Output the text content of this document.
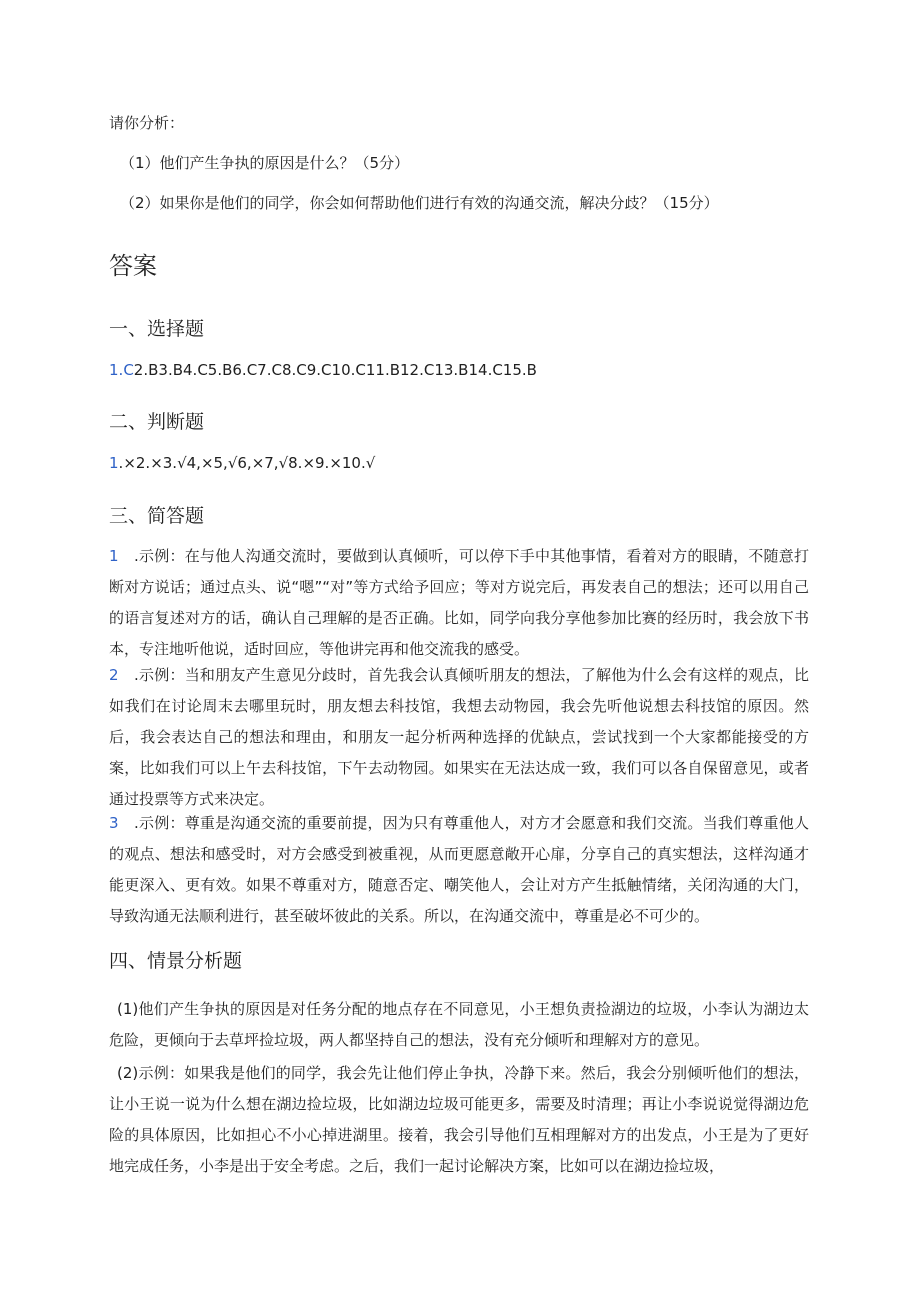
请你分析：
（1）他们产生争执的原因是什么？（5分）
（2）如果你是他们的同学，你会如何帮助他们进行有效的沟通交流，解决分歧？（15分）
答案
一、选择题
1.C2.B3.B4.C5.B6.C7.C8.C9.C10.C11.B12.C13.B14.C15.B
二、判断题
1.×2.×3.√4,×5,√6,×7,√8.×9.×10.√
三、简答题
1 .示例：在与他人沟通交流时，要做到认真倾听，可以停下手中其他事情，看着对方的眼睛，不随意打断对方说话；通过点头、说“嗯”“对”等方式给予回应；等对方说完后，再发表自己的想法；还可以用自己的语言复述对方的话，确认自己理解的是否正确。比如，同学向我分享他参加比赛的经历时，我会放下书本，专注地听他说，适时回应，等他讲完再和他交流我的感受。
2 .示例：当和朋友产生意见分歧时，首先我会认真倾听朋友的想法，了解他为什么会有这样的观点，比如我们在讨论周末去哪里玩时，朋友想去科技馆，我想去动物园，我会先听他说想去科技馆的原因。然后，我会表达自己的想法和理由，和朋友一起分析两种选择的优缺点，尝试找到一个大家都能接受的方案，比如我们可以上午去科技馆，下午去动物园。如果实在无法达成一致，我们可以各自保留意见，或者通过投票等方式来决定。
3 .示例：尊重是沟通交流的重要前提，因为只有尊重他人，对方才会愿意和我们交流。当我们尊重他人的观点、想法和感受时，对方会感受到被重视，从而更愿意敞开心扉，分享自己的真实想法，这样沟通才能更深入、更有效。如果不尊重对方，随意否定、嘲笑他人，会让对方产生抵触情绪，关闭沟通的大门，导致沟通无法顺利进行，甚至破坏彼此的关系。所以，在沟通交流中，尊重是必不可少的。
四、情景分析题
(1)他们产生争执的原因是对任务分配的地点存在不同意见，小王想负责捡湖边的垃圾，小李认为湖边太危险，更倾向于去草坪捡垃圾，两人都坚持自己的想法，没有充分倾听和理解对方的意见。
(2)示例：如果我是他们的同学，我会先让他们停止争执，冷静下来。然后，我会分别倾听他们的想法，让小王说一说为什么想在湖边捡垃圾，比如湖边垃圾可能更多，需要及时清理；再让小李说说觉得湖边危险的具体原因，比如担心不小心掉进湖里。接着，我会引导他们互相理解对方的出发点，小王是为了更好地完成任务，小李是出于安全考虑。之后，我们一起讨论解决方案，比如可以在湖边捡垃圾，
